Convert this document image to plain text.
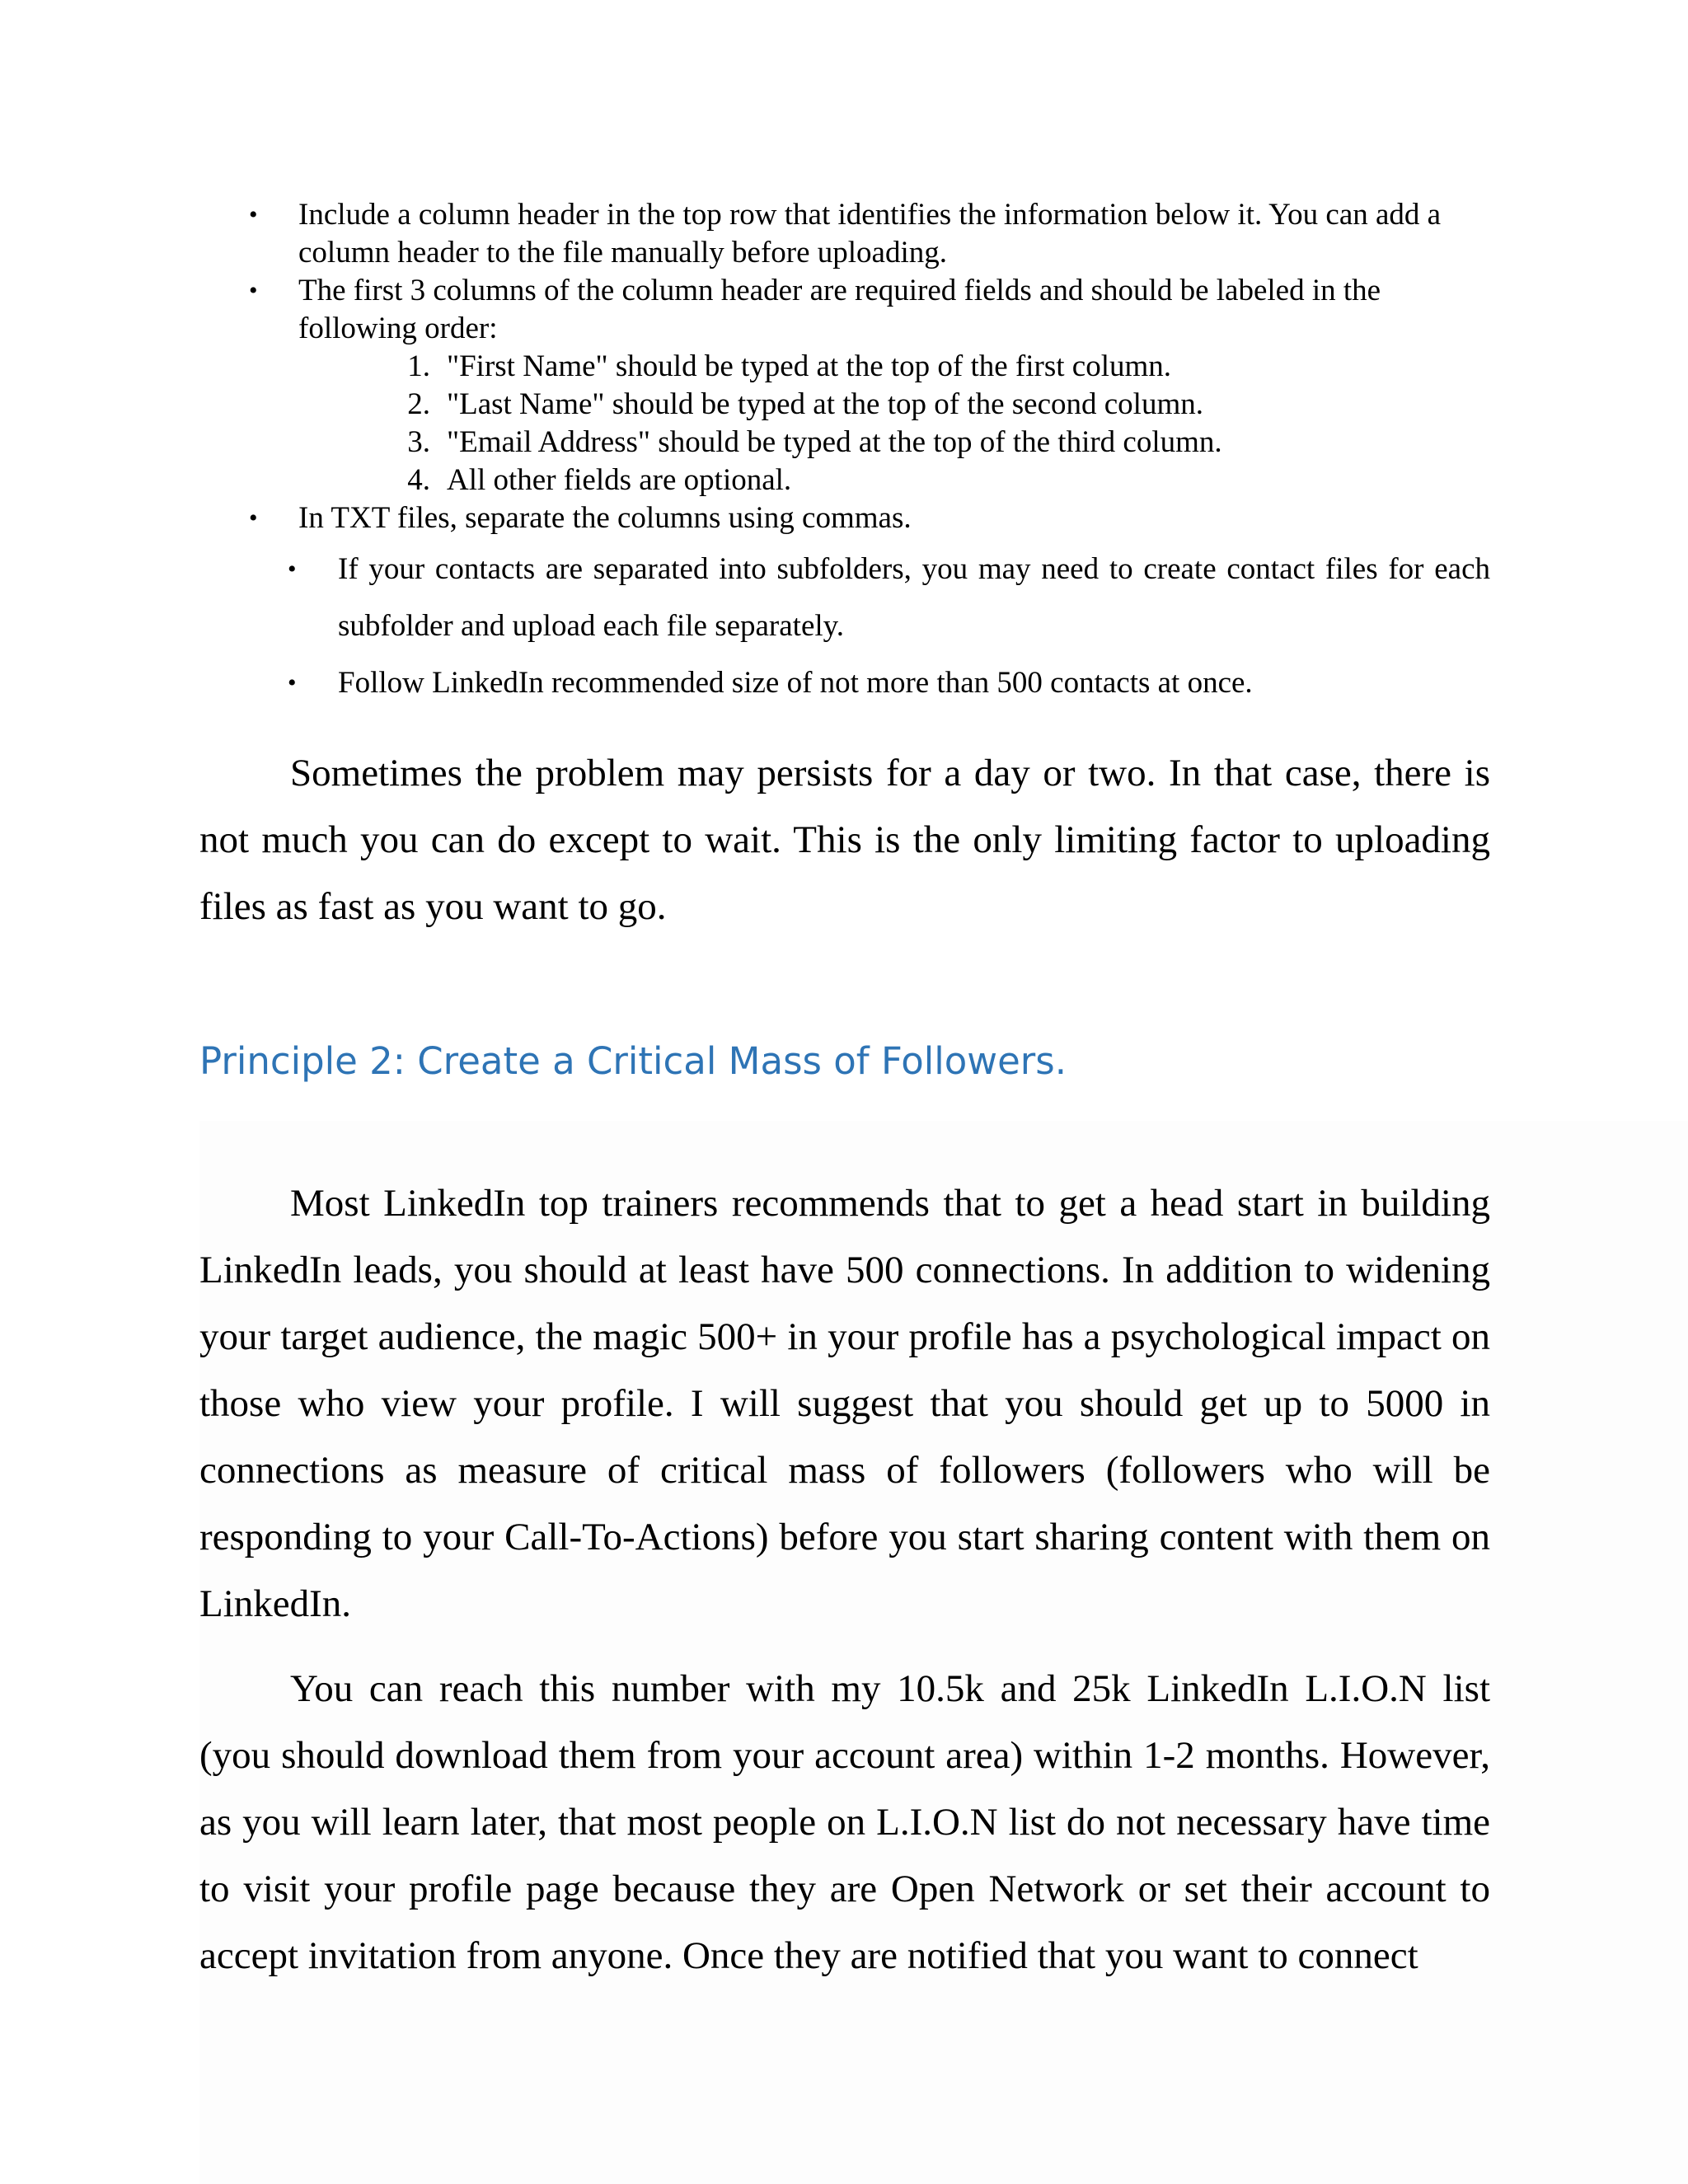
•	Include a column header in the top row that identifies the information below it. You can add a column header to the file manually before uploading.
•	The first 3 columns of the column header are required fields and should be labeled in the following order:
1. "First Name" should be typed at the top of the first column.
2. "Last Name" should be typed at the top of the second column.
3. "Email Address" should be typed at the top of the third column.
4. All other fields are optional.
•	In TXT files, separate the columns using commas.
•	If your contacts are separated into subfolders, you may need to create contact files for each subfolder and upload each file separately.
•	Follow LinkedIn recommended size of not more than 500 contacts at once.

Sometimes the problem may persists for a day or two. In that case, there is not much you can do except to wait. This is the only limiting factor to uploading files as fast as you want to go.

Principle 2: Create a Critical Mass of Followers.

Most LinkedIn top trainers recommends that to get a head start in building LinkedIn leads, you should at least have 500 connections. In addition to widening your target audience, the magic 500+ in your profile has a psychological impact on those who view your profile. I will suggest that you should get up to 5000 in connections as measure of critical mass of followers (followers who will be responding to your Call-To-Actions) before you start sharing content with them on LinkedIn.

You can reach this number with my 10.5k and 25k LinkedIn L.I.O.N list (you should download them from your account area) within 1-2 months. However, as you will learn later, that most people on L.I.O.N list do not necessary have time to visit your profile page because they are Open Network or set their account to accept invitation from anyone. Once they are notified that you want to connect
